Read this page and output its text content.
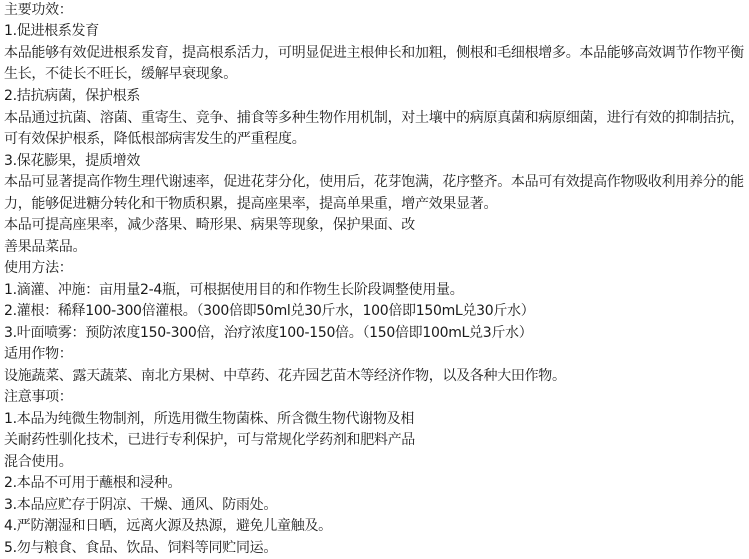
主要功效：
1.促进根系发育
本品能够有效促进根系发育，提高根系活力，可明显促进主根伸长和加粗，侧根和毛细根增多。本品能够高效调节作物平衡
生长，不徒长不旺长，缓解早衰现象。
2.拮抗病菌，保护根系
本品通过抗菌、溶菌、重寄生、竞争、捕食等多种生物作用机制，对土壤中的病原真菌和病原细菌，进行有效的抑制拮抗，
可有效保护根系，降低根部病害发生的严重程度。
3.保花膨果，提质增效
本品可显著提高作物生理代谢速率，促进花芽分化，使用后，花芽饱满，花序整齐。本品可有效提高作物吸收利用养分的能
力，能够促进糖分转化和干物质积累，提高座果率，提高单果重，增产效果显著。
本品可提高座果率，减少落果、畸形果、病果等现象，保护果面、改
善果品菜品。
使用方法：
1.滴灌、冲施：亩用量2-4瓶，可根据使用目的和作物生长阶段调整使用量。
2.灌根：稀释100-300倍灌根。（300倍即50ml兑30斤水，100倍即150mL兑30斤水）
3.叶面喷雾：预防浓度150-300倍，治疗浓度100-150倍。（150倍即100mL兑3斤水）
适用作物：
设施蔬菜、露天蔬菜、南北方果树、中草药、花卉园艺苗木等经济作物，以及各种大田作物。
注意事项：
1.本品为纯微生物制剂，所选用微生物菌株、所含微生物代谢物及相
关耐药性驯化技术，已进行专利保护，可与常规化学药剂和肥料产品
混合使用。
2.本品不可用于蘸根和浸种。
3.本品应贮存于阴凉、干燥、通风、防雨处。
4.严防潮湿和日晒，远离火源及热源，避免儿童触及。
5.勿与粮食、食品、饮品、饲料等同贮同运。
